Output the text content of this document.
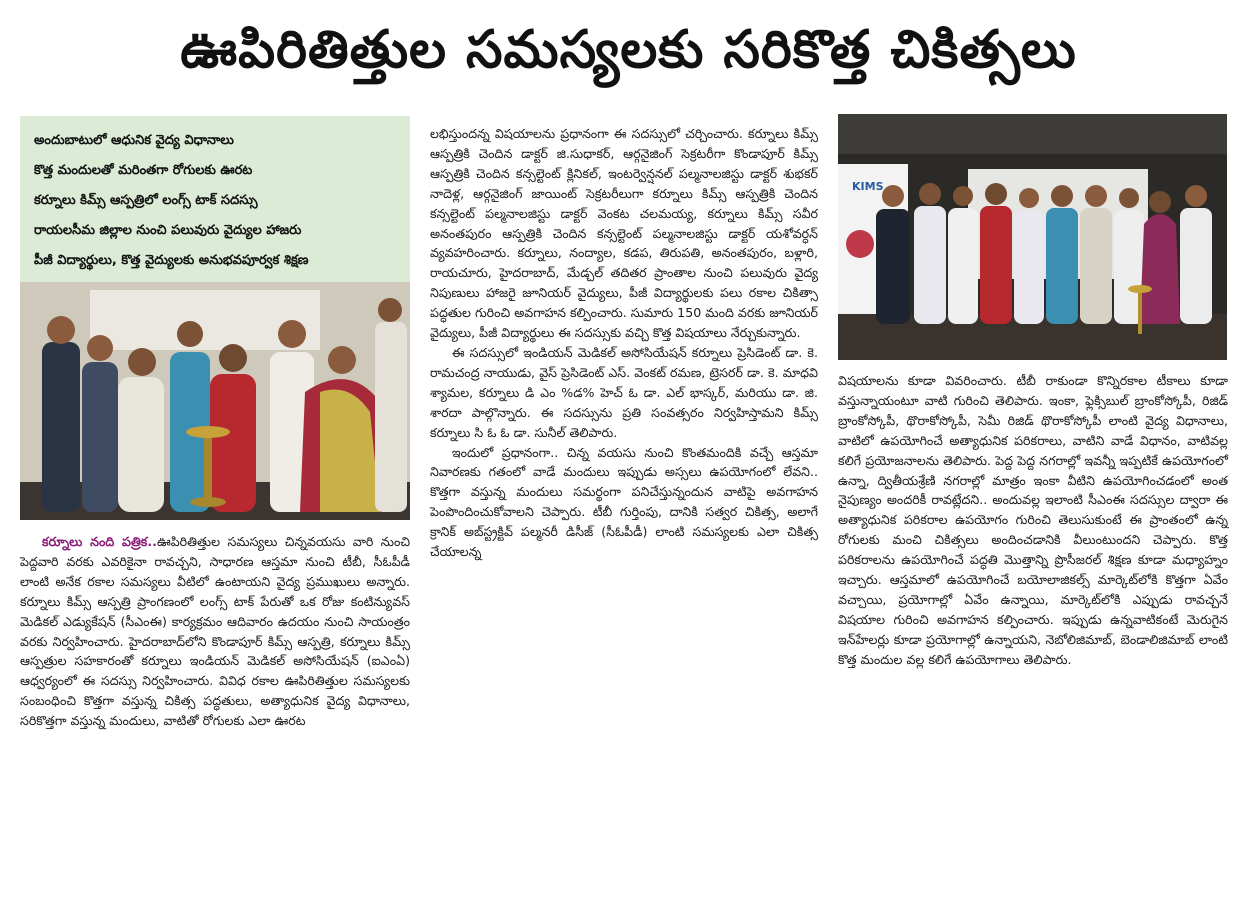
ఊపిరితిత్తుల సమస్యలకు సరికొత్త చికిత్సలు
అందుబాటులో ఆధునిక వైద్య విధానాలు
కొత్త మందులతో మరింతగా రోగులకు ఊరట
కర్నూలు కిమ్స్ ఆస్పత్రిలో లంగ్స్ టాక్ సదస్సు
రాయలసీమ జిల్లాల నుంచి పలువురు వైద్యుల హాజరు
పీజీ విద్యార్థులు, కొత్త వైద్యులకు అనుభవపూర్వక శిక్షణ

కర్నూలు నంది పత్రిక..ఊపిరితిత్తుల సమస్యలు చిన్నవయసు వారి నుంచి పెద్దవారి వరకు ఎవరికైనా రావచ్చని, సాధారణ ఆస్తమా నుంచి టీబీ, సీఓపీడీ లాంటి అనేక రకాల సమస్యలు వీటిలో ఉంటాయని వైద్య ప్రముఖులు అన్నారు. కర్నూలు కిమ్స్ ఆస్పత్రి ప్రాంగణంలో లంగ్స్ టాక్ పేరుతో ఒక రోజు కంటిన్యువస్ మెడికల్ ఎడ్యుకేషన్ (సీఎంఈ) కార్యక్రమం ఆదివారం ఉదయం నుంచి సాయంత్రం వరకు నిర్వహించారు. హైదరాబాద్‌లోని కొండాపూర్ కిమ్స్ ఆస్పత్రి, కర్నూలు కిమ్స్ ఆస్పత్రుల సహకారంతో కర్నూలు ఇండియన్ మెడికల్ అసోసియేషన్ (ఐఎంఏ) ఆధ్వర్యంలో ఈ సదస్సు నిర్వహించారు. వివిధ రకాల ఊపిరితిత్తుల సమస్యలకు సంబంధించి కొత్తగా వస్తున్న చికిత్స పద్ధతులు, అత్యాధునిక వైద్య విధానాలు, సరికొత్తగా వస్తున్న మందులు, వాటితో రోగులకు ఎలా ఊరట

లభిస్తుందన్న విషయాలను ప్రధానంగా ఈ సదస్సులో చర్చించారు. కర్నూలు కిమ్స్ ఆస్పత్రికి చెందిన డాక్టర్ జి.సుధాకర్, ఆర్గనైజింగ్ సెక్రటరీగా కొండాపూర్ కిమ్స్ ఆస్పత్రికి చెందిన కన్సల్టెంట్ క్లినికల్, ఇంటర్వెన్షనల్ పల్మనాలజిస్టు డాక్టర్ శుభకర్ నాదెళ్ల, ఆర్గనైజింగ్ జాయింట్ సెక్రటరీలుగా కర్నూలు కిమ్స్ ఆస్పత్రికి చెందిన కన్సల్టెంట్ పల్మనాలజిస్టు డాక్టర్ వెంకట చలమయ్య, కర్నూలు కిమ్స్ సవీర అనంతపురం ఆస్పత్రికి చెందిన కన్సల్టెంట్ పల్మనాలజిస్టు డాక్టర్ యశోవర్ధన్ వ్యవహరించారు. కర్నూలు, నంద్యాల, కడప, తిరుపతి, అనంతపురం, బళ్లారి, రాయచూరు, హైదరాబాద్, మేడ్చల్ తదితర ప్రాంతాల నుంచి పలువురు వైద్య నిపుణులు హాజరై జూనియర్ వైద్యులు, పీజీ విద్యార్థులకు పలు రకాల చికిత్సా పద్ధతుల గురించి అవగాహన కల్పించారు. సుమారు 150 మంది వరకు జూనియర్ వైద్యులు, పీజీ విద్యార్థులు ఈ సదస్సుకు వచ్చి కొత్త విషయాలు నేర్చుకున్నారు.

ఈ సదస్సులో ఇండియన్ మెడికల్ అసోసియేషన్ కర్నూలు ప్రెసిడెంట్ డా. కె. రామచంద్ర నాయుడు, వైస్ ప్రెసిడెంట్ ఎస్. వెంకట్ రమణ, ట్రెసరర్ డా. కె. మాధవి శ్యామల, కర్నూలు డి ఎం %డ% హెచ్ ఓ డా. ఎల్ భాస్కర్, మరియు డా. జి. శారదా పాల్గొన్నారు. ఈ సదస్సును ప్రతి సంవత్సరం నిర్వహిస్తామని కిమ్స్ కర్నూలు సి ఓ ఓ డా. సునీల్ తెలిపారు.

ఇందులో ప్రధానంగా.. చిన్న వయసు నుంచి కొంతమందికి వచ్చే ఆస్తమా నివారణకు గతంలో వాడే మందులు ఇప్పుడు అస్సలు ఉపయోగంలో లేవని.. కొత్తగా వస్తున్న మందులు సమర్థంగా పనిచేస్తున్నందున వాటిపై అవగాహన పెంపొందించుకోవాలని చెప్పారు. టీబీ గుర్తింపు, దానికి సత్వర చికిత్స, అలాగే క్రానిక్ అబ్‌స్ట్రక్టివ్ పల్మనరీ డిసీజ్ (సీఓపీడీ) లాంటి సమస్యలకు ఎలా చికిత్స చేయాలన్న

KIMS

విషయాలను కూడా వివరించారు. టీబీ రాకుండా కొన్నిరకాల టీకాలు కూడా వస్తున్నాయంటూ వాటి గురించి తెలిపారు. ఇంకా, ఫ్లెక్సిబుల్ బ్రాంకోస్కోపీ, రిజిడ్ బ్రాంకోస్కోపీ, థొరాకోస్కోపీ, సెమీ రిజిడ్ థొరాకోస్కోపీ లాంటి వైద్య విధానాలు, వాటిలో ఉపయోగించే అత్యాధునిక పరికరాలు, వాటిని వాడే విధానం, వాటివల్ల కలిగే ప్రయోజనాలను తెలిపారు. పెద్ద పెద్ద నగరాల్లో ఇవన్నీ ఇప్పటికే ఉపయోగంలో ఉన్నా, ద్వితీయశ్రేణి నగరాల్లో మాత్రం ఇంకా వీటిని ఉపయోగించడంలో అంత నైపుణ్యం అందరికీ రావట్లేదని.. అందువల్ల ఇలాంటి సీఎంఈ సదస్సుల ద్వారా ఈ అత్యాధునిక పరికరాల ఉపయోగం గురించి తెలుసుకుంటే ఈ ప్రాంతంలో ఉన్న రోగులకు మంచి చికిత్సలు అందించడానికి వీలుంటుందని చెప్పారు. కొత్త పరికరాలను ఉపయోగించే పద్ధతి మొత్తాన్ని ప్రొసీజరల్ శిక్షణ కూడా మధ్యాహ్నం ఇచ్చారు. ఆస్తమాలో ఉపయోగించే బయోలాజికల్స్ మార్కెట్‌లోకి కొత్తగా ఏవేం వచ్చాయి, ప్రయోగాల్లో ఏవేం ఉన్నాయి, మార్కెట్‌లోకి ఎప్పుడు రావచ్చనే విషయాల గురించి అవగాహన కల్పించారు. ఇప్పుడు ఉన్నవాటికంటే మెరుగైన ఇన్‌హేలర్లు కూడా ప్రయోగాల్లో ఉన్నాయని, నెబోలిజిమాబ్, బెండాలిజిమాబ్ లాంటి కొత్త మందుల వల్ల కలిగే ఉపయోగాలు తెలిపారు.
